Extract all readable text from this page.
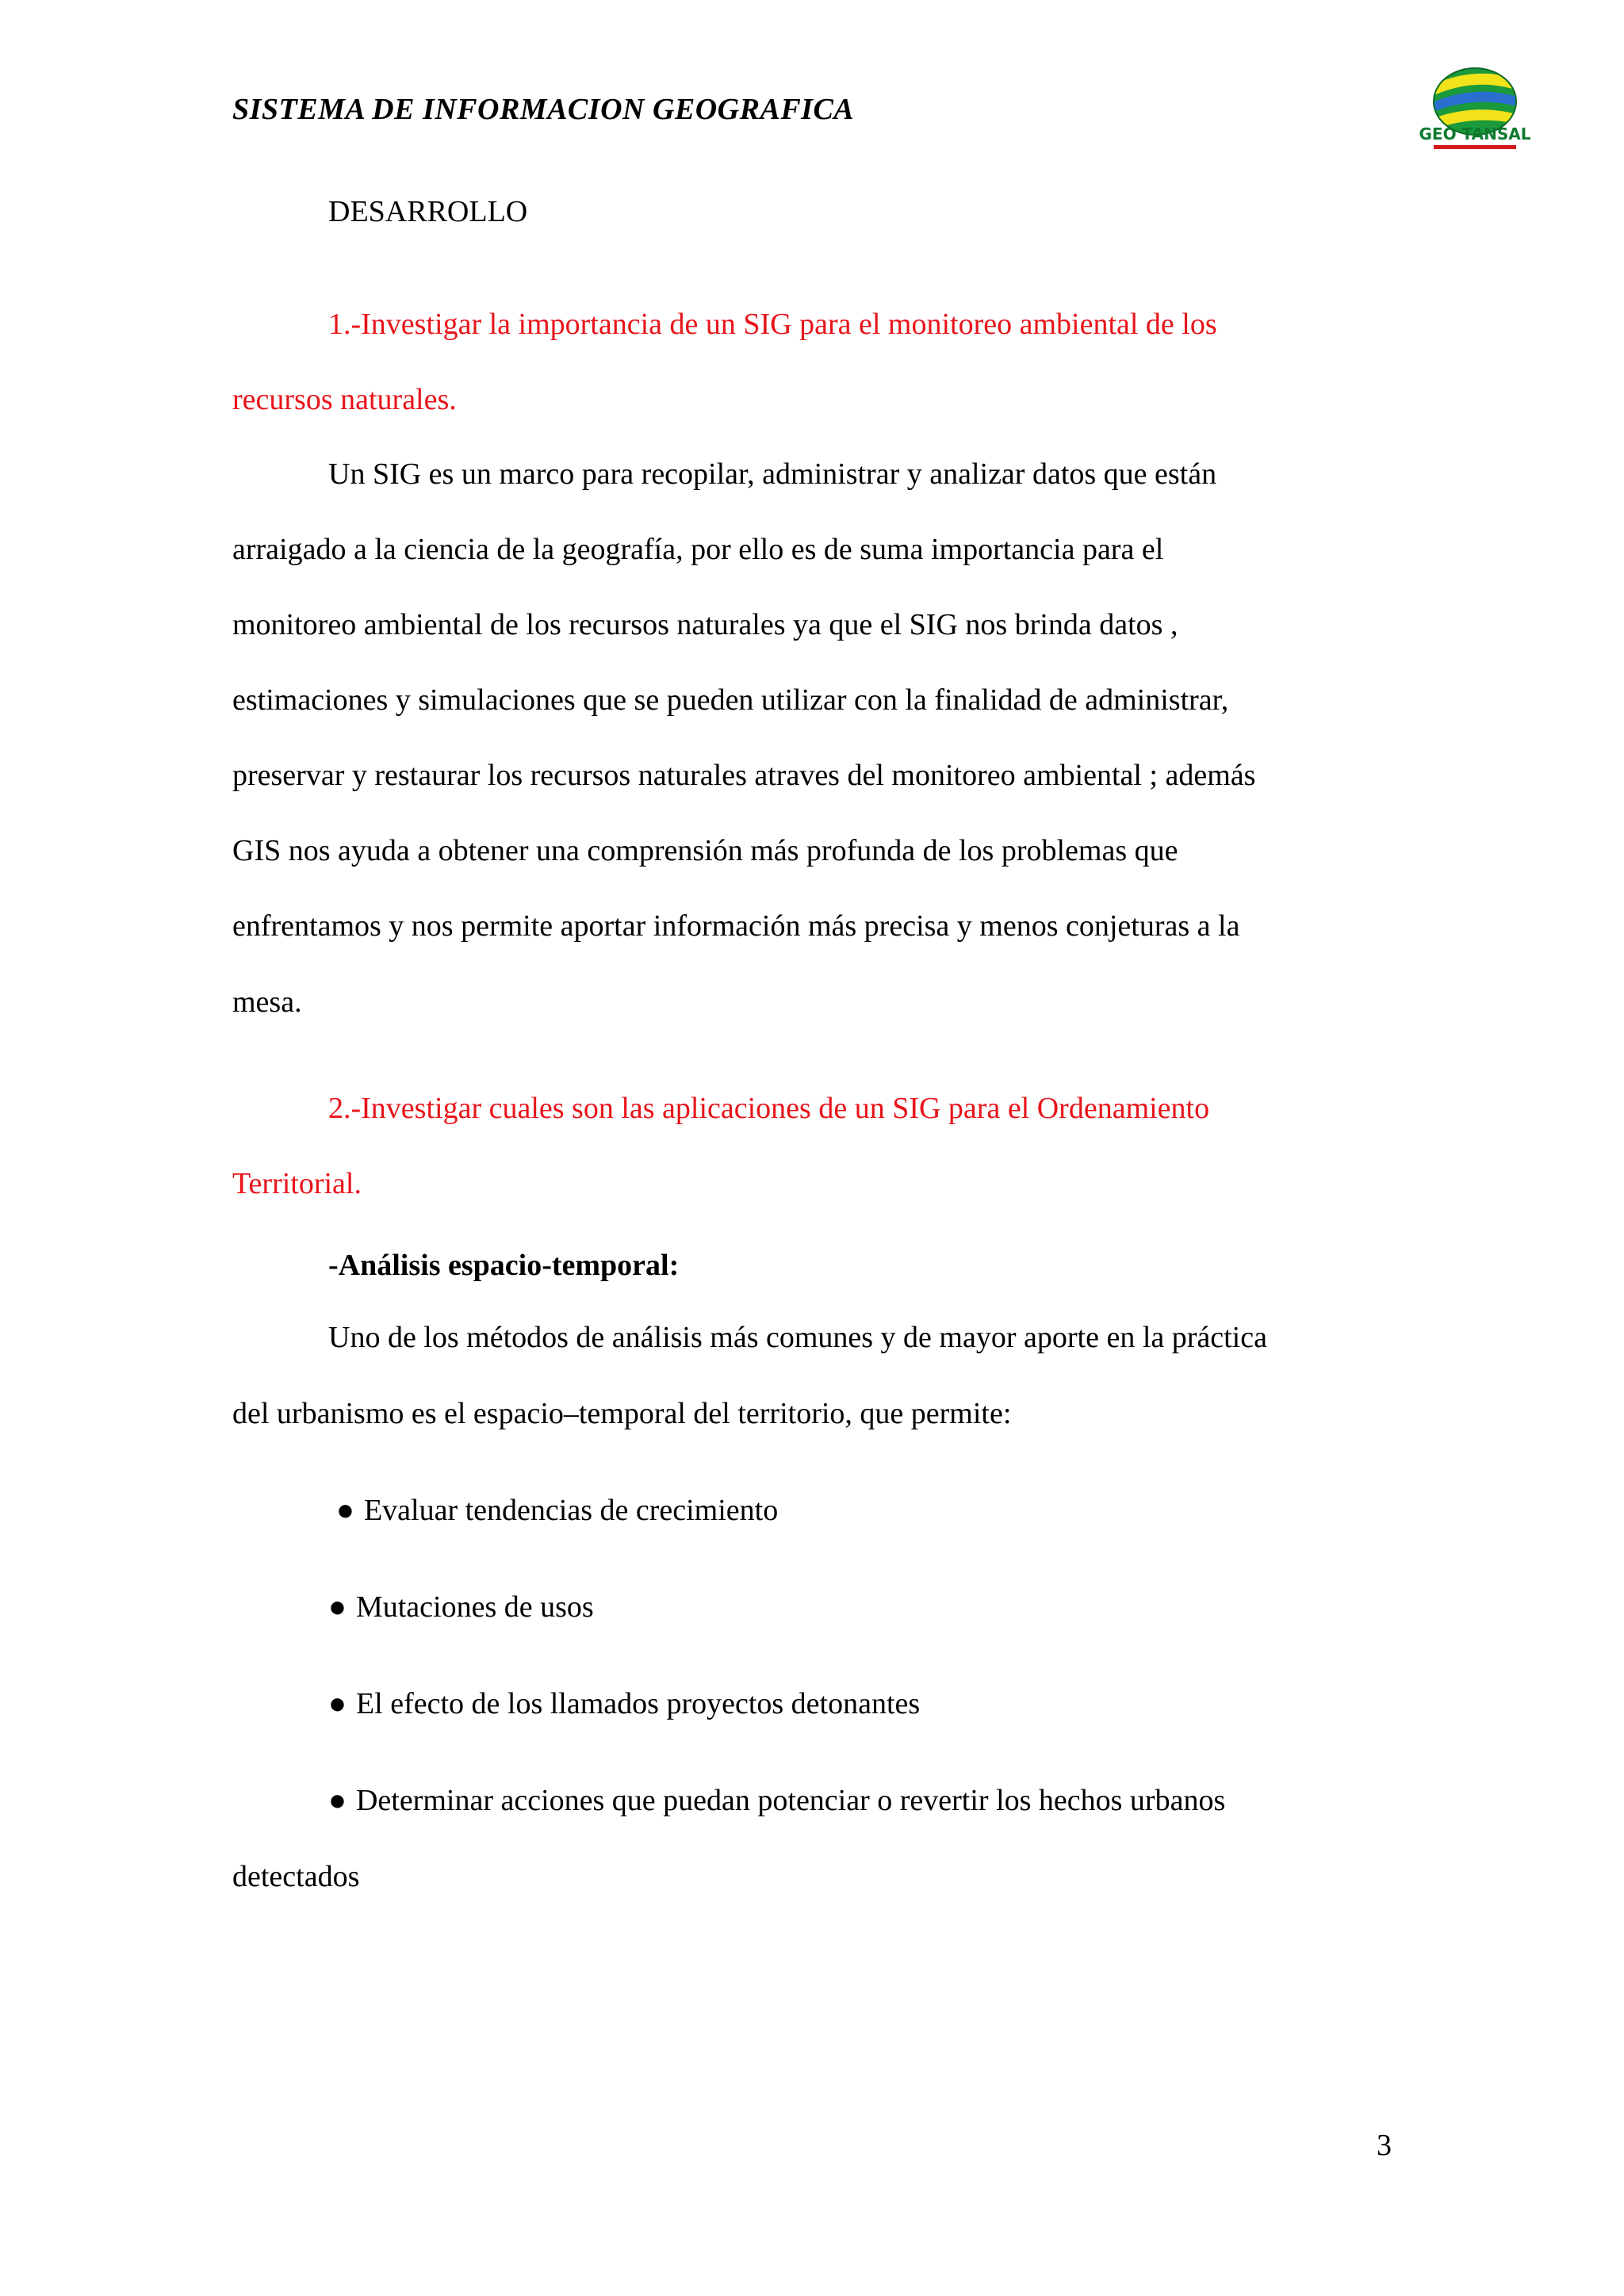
SISTEMA DE INFORMACION GEOGRAFICA
GEO TANSAL
DESARROLLO
1.-Investigar la importancia de un SIG para el monitoreo ambiental de los
recursos naturales.
Un SIG es un marco para recopilar, administrar y analizar datos que están
arraigado a la ciencia de la geografía, por ello es de suma importancia para el
monitoreo ambiental de los recursos naturales ya que el SIG nos brinda datos ,
estimaciones y simulaciones que se pueden utilizar con la finalidad de administrar,
preservar y restaurar los recursos naturales atraves del monitoreo ambiental ; además
GIS nos ayuda a obtener una comprensión más profunda de los problemas que
enfrentamos y nos permite aportar información más precisa y menos conjeturas a la
mesa.
2.-Investigar cuales son las aplicaciones de un SIG para el Ordenamiento
Territorial.
-Análisis espacio-temporal:
Uno de los métodos de análisis más comunes y de mayor aporte en la práctica
del urbanismo es el espacio–temporal del territorio, que permite:
● Evaluar tendencias de crecimiento
● Mutaciones de usos
● El efecto de los llamados proyectos detonantes
● Determinar acciones que puedan potenciar o revertir los hechos urbanos
detectados
3
